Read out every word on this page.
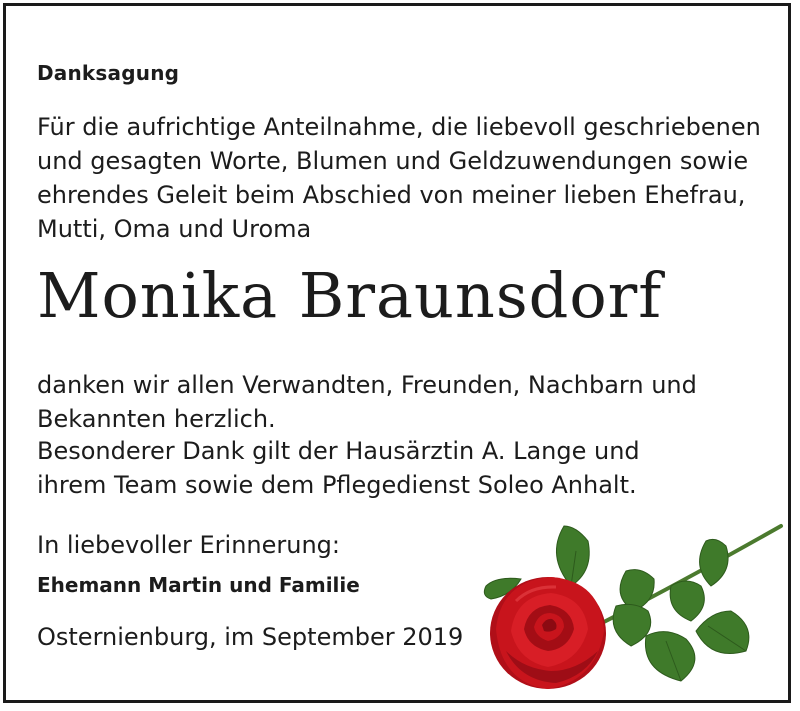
Danksagung
Für die aufrichtige Anteilnahme, die liebevoll geschriebenen
und gesagten Worte, Blumen und Geldzuwendungen sowie
ehrendes Geleit beim Abschied von meiner lieben Ehefrau,
Mutti, Oma und Uroma
Monika Braunsdorf
danken wir allen Verwandten, Freunden, Nachbarn und
Bekannten herzlich.
Besonderer Dank gilt der Hausärztin A. Lange und
ihrem Team sowie dem Pflegedienst Soleo Anhalt.
In liebevoller Erinnerung:
Ehemann Martin und Familie
Osternienburg, im September 2019
